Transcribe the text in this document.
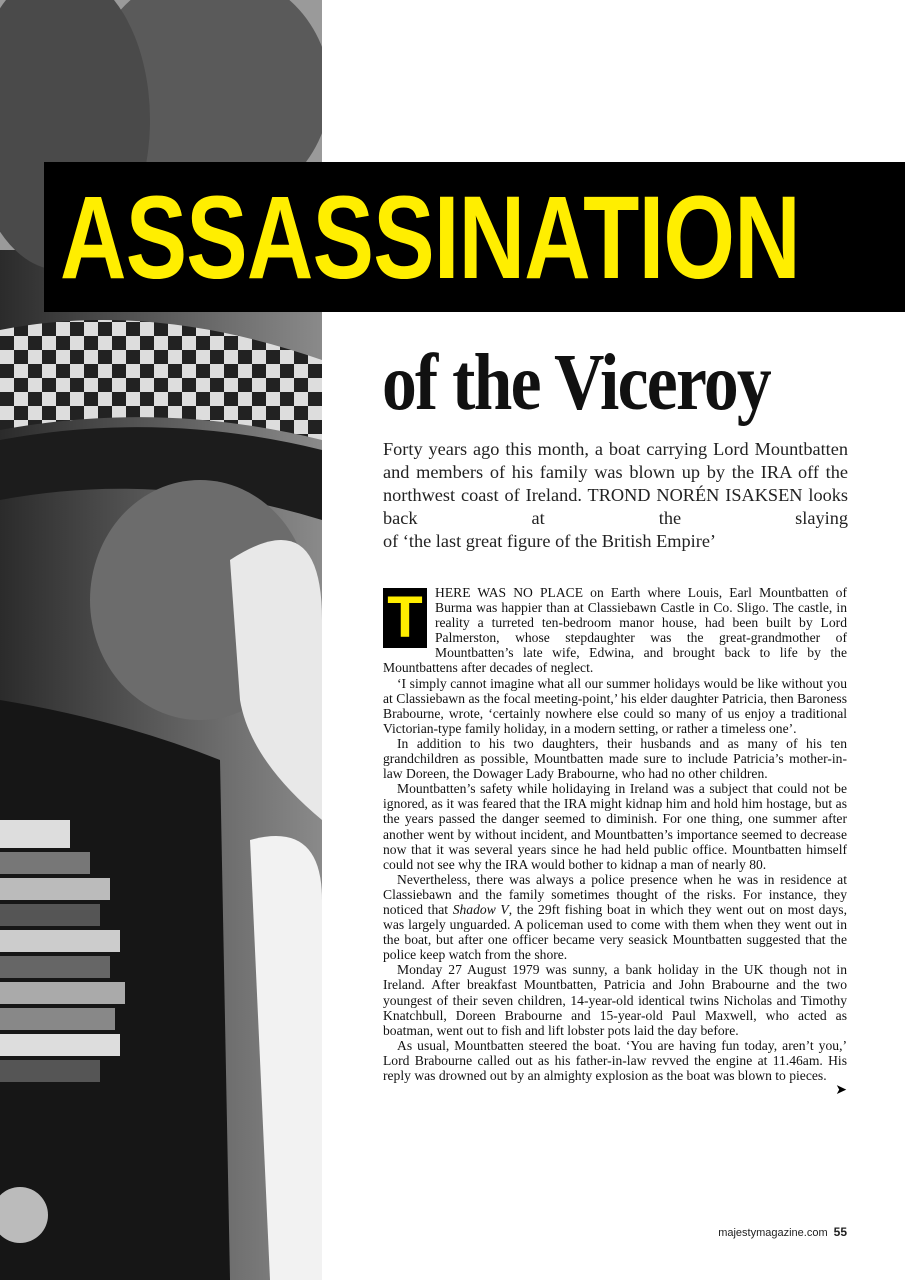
ASSASSINATION
of the Viceroy

Forty years ago this month, a boat carrying Lord Mountbatten and members of his family was blown up by the IRA off the northwest coast of Ireland. TROND NORÉN ISAKSEN looks back at the slaying
of ‘the last great figure of the British Empire’

T HERE WAS NO PLACE on Earth where Louis, Earl Mountbatten of Burma was happier than at Classiebawn Castle in Co. Sligo. The castle, in reality a turreted ten-bedroom manor house, had been built by Lord Palmerston, whose stepdaughter was the great-grandmother of Mountbatten’s late wife, Edwina, and brought back to life by the Mountbattens after decades of neglect.

‘I simply cannot imagine what all our summer holidays would be like without you at Classiebawn as the focal meeting-point,’ his elder daughter Patricia, then Baroness Brabourne, wrote, ‘certainly nowhere else could so many of us enjoy a traditional Victorian-type family holiday, in a modern setting, or rather a timeless one’.

In addition to his two daughters, their husbands and as many of his ten grandchildren as possible, Mountbatten made sure to include Patricia’s mother-in-law Doreen, the Dowager Lady Brabourne, who had no other children.

Mountbatten’s safety while holidaying in Ireland was a subject that could not be ignored, as it was feared that the IRA might kidnap him and hold him hostage, but as the years passed the danger seemed to diminish. For one thing, one summer after another went by without incident, and Mountbatten’s importance seemed to decrease now that it was several years since he had held public office. Mountbatten himself could not see why the IRA would bother to kidnap a man of nearly 80.

Nevertheless, there was always a police presence when he was in residence at Classiebawn and the family sometimes thought of the risks. For instance, they noticed that Shadow V, the 29ft fishing boat in which they went out on most days, was largely unguarded. A policeman used to come with them when they went out in the boat, but after one officer became very seasick Mountbatten suggested that the police keep watch from the shore.

Monday 27 August 1979 was sunny, a bank holiday in the UK though not in Ireland. After breakfast Mountbatten, Patricia and John Brabourne and the two youngest of their seven children, 14-year-old identical twins Nicholas and Timothy Knatchbull, Doreen Brabourne and 15-year-old Paul Maxwell, who acted as boatman, went out to fish and lift lobster pots laid the day before.

As usual, Mountbatten steered the boat. ‘You are having fun today, aren’t you,’ Lord Brabourne called out as his father-in-law revved the engine at 11.46am. His reply was drowned out by an almighty explosion as the boat was blown to pieces.
➤

majestymagazine.com 55
